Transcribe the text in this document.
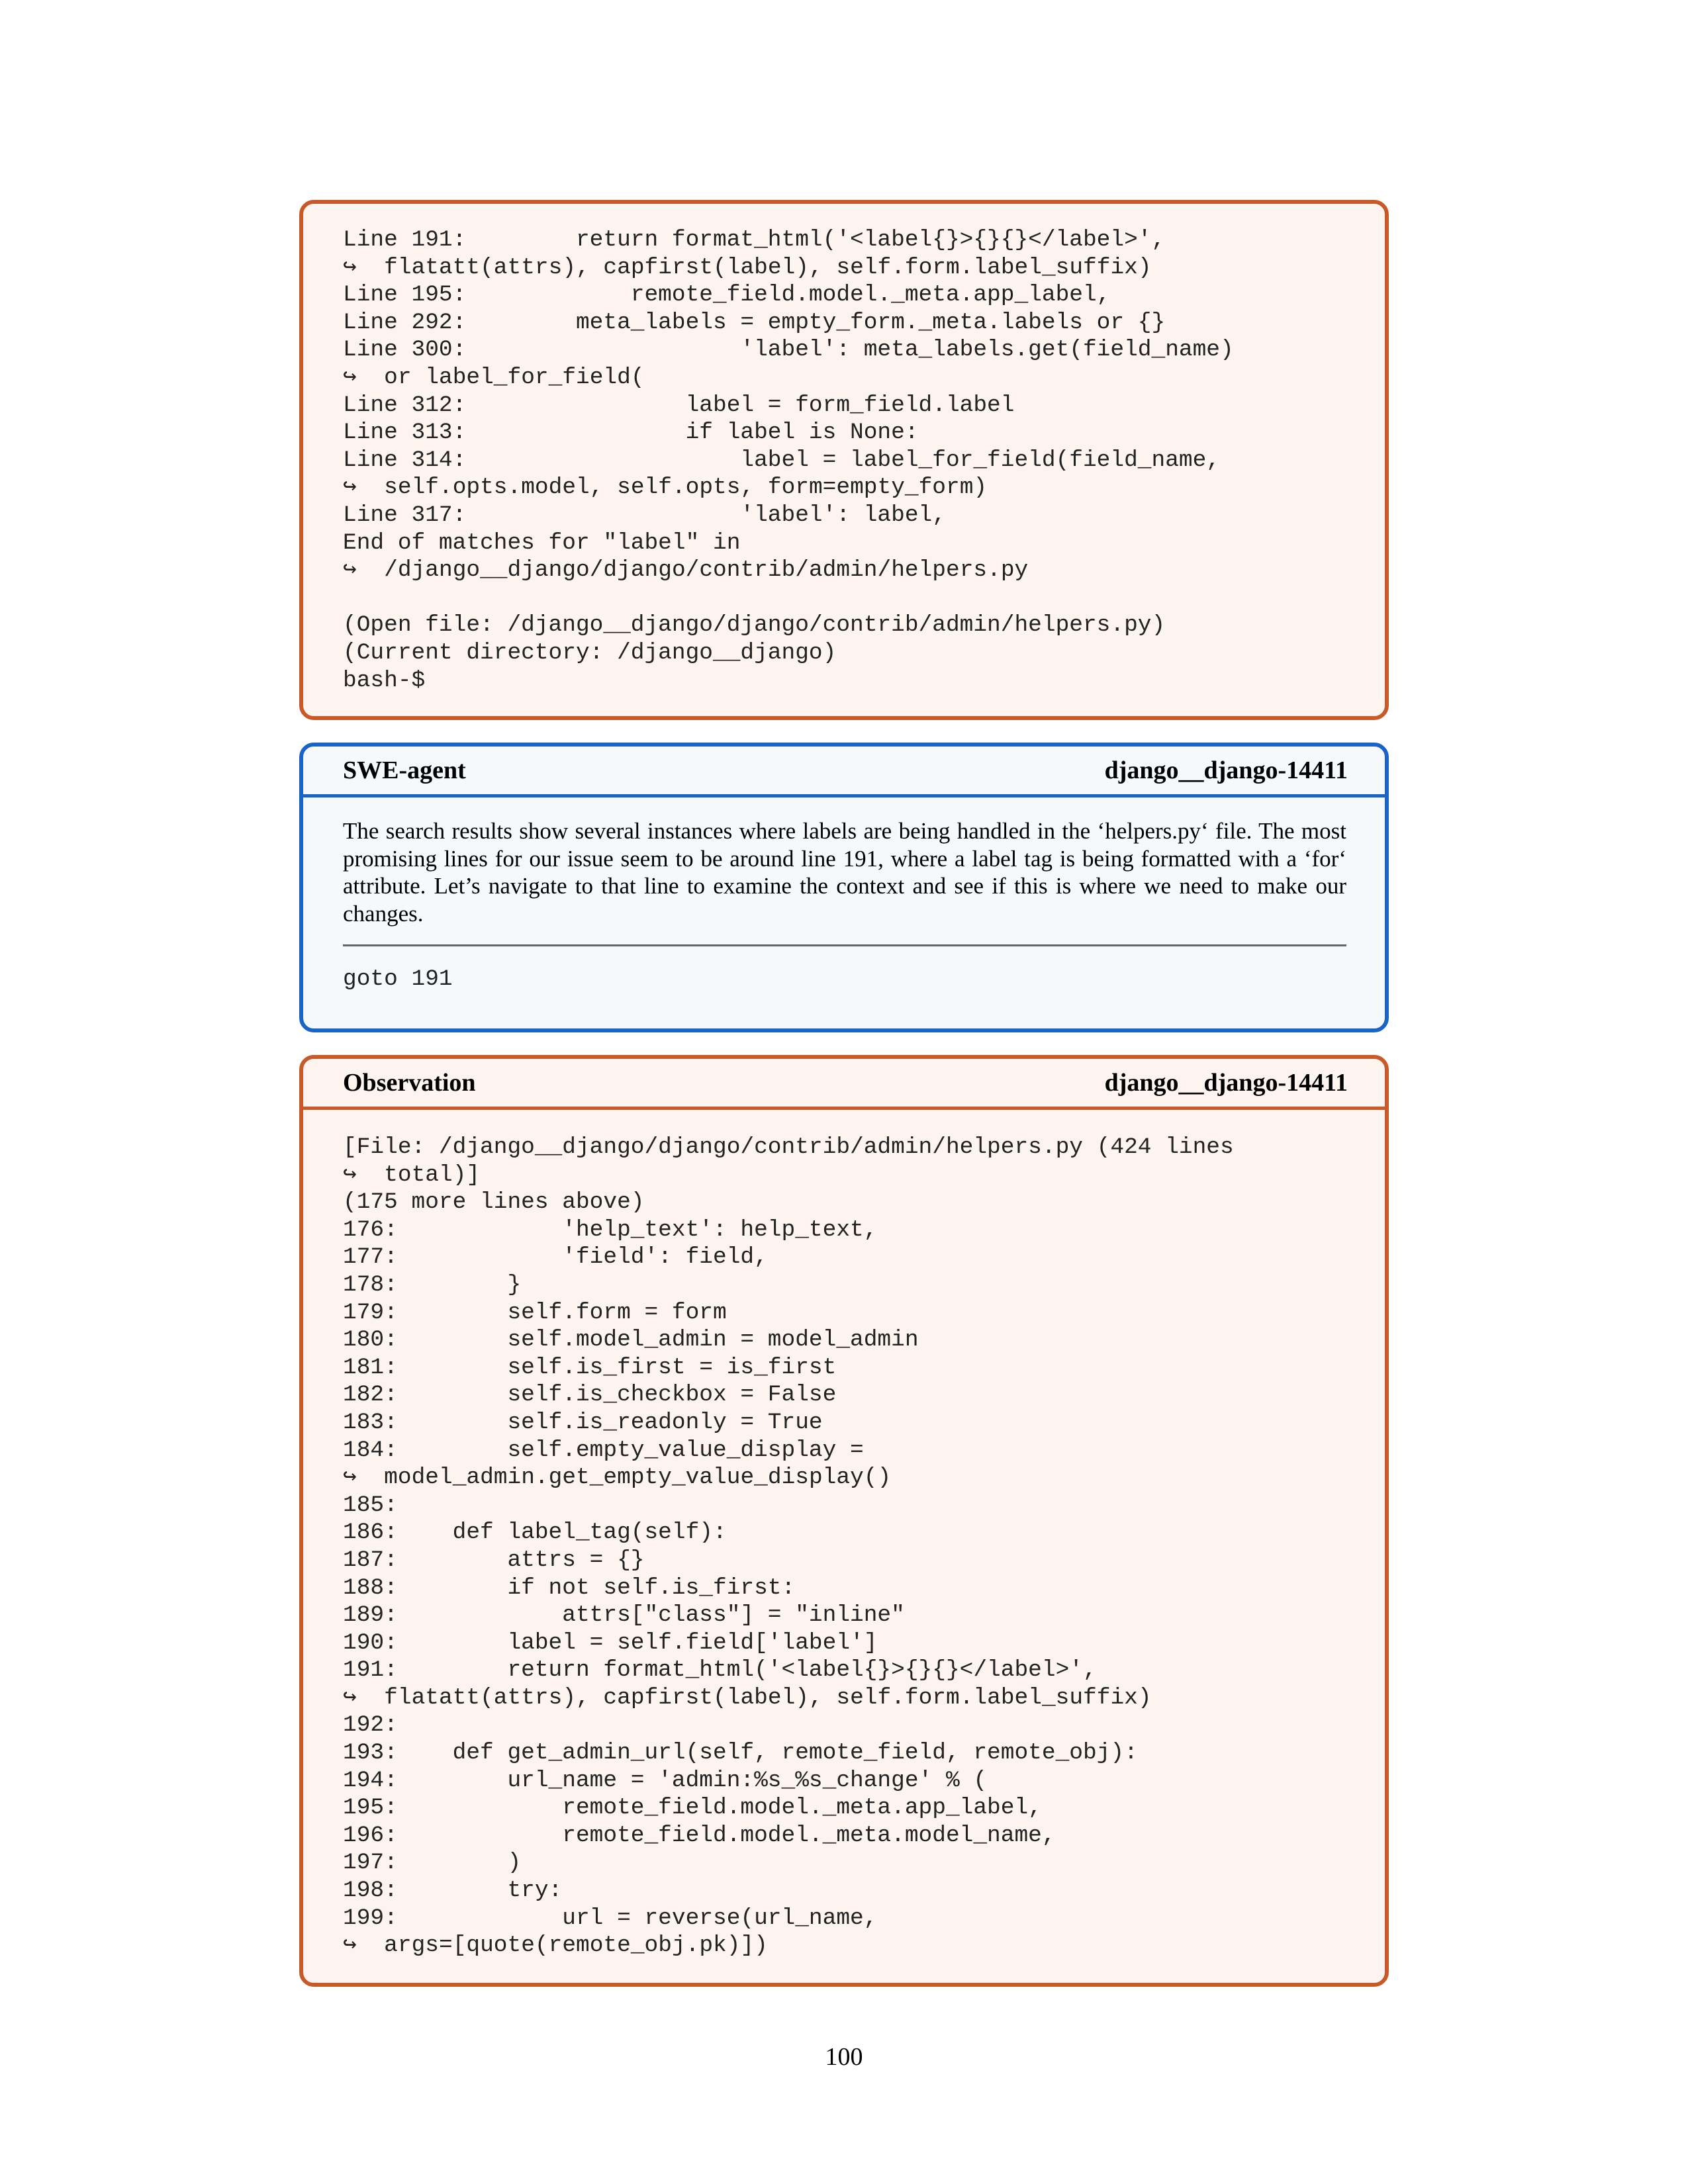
Line 191:        return format_html('<label{}>{}{}</label>',
↪  flatatt(attrs), capfirst(label), self.form.label_suffix)
Line 195:            remote_field.model._meta.app_label,
Line 292:        meta_labels = empty_form._meta.labels or {}
Line 300:                    'label': meta_labels.get(field_name)
↪  or label_for_field(
Line 312:                label = form_field.label
Line 313:                if label is None:
Line 314:                    label = label_for_field(field_name,
↪  self.opts.model, self.opts, form=empty_form)
Line 317:                    'label': label,
End of matches for "label" in
↪  /django__django/django/contrib/admin/helpers.py

(Open file: /django__django/django/contrib/admin/helpers.py)
(Current directory: /django__django)
bash-$
SWE-agent	django__django-14411
The search results show several instances where labels are being handled in the ‘helpers.py‘ file. The most promising lines for our issue seem to be around line 191, where a label tag is being formatted with a ‘for‘ attribute. Let’s navigate to that line to examine the context and see if this is where we need to make our changes.
goto 191
Observation	django__django-14411
[File: /django__django/django/contrib/admin/helpers.py (424 lines
↪  total)]
(175 more lines above)
176:            'help_text': help_text,
177:            'field': field,
178:        }
179:        self.form = form
180:        self.model_admin = model_admin
181:        self.is_first = is_first
182:        self.is_checkbox = False
183:        self.is_readonly = True
184:        self.empty_value_display =
↪  model_admin.get_empty_value_display()
185:
186:    def label_tag(self):
187:        attrs = {}
188:        if not self.is_first:
189:            attrs["class"] = "inline"
190:        label = self.field['label']
191:        return format_html('<label{}>{}{}</label>',
↪  flatatt(attrs), capfirst(label), self.form.label_suffix)
192:
193:    def get_admin_url(self, remote_field, remote_obj):
194:        url_name = 'admin:%s_%s_change' % (
195:            remote_field.model._meta.app_label,
196:            remote_field.model._meta.model_name,
197:        )
198:        try:
199:            url = reverse(url_name,
↪  args=[quote(remote_obj.pk)])
100
